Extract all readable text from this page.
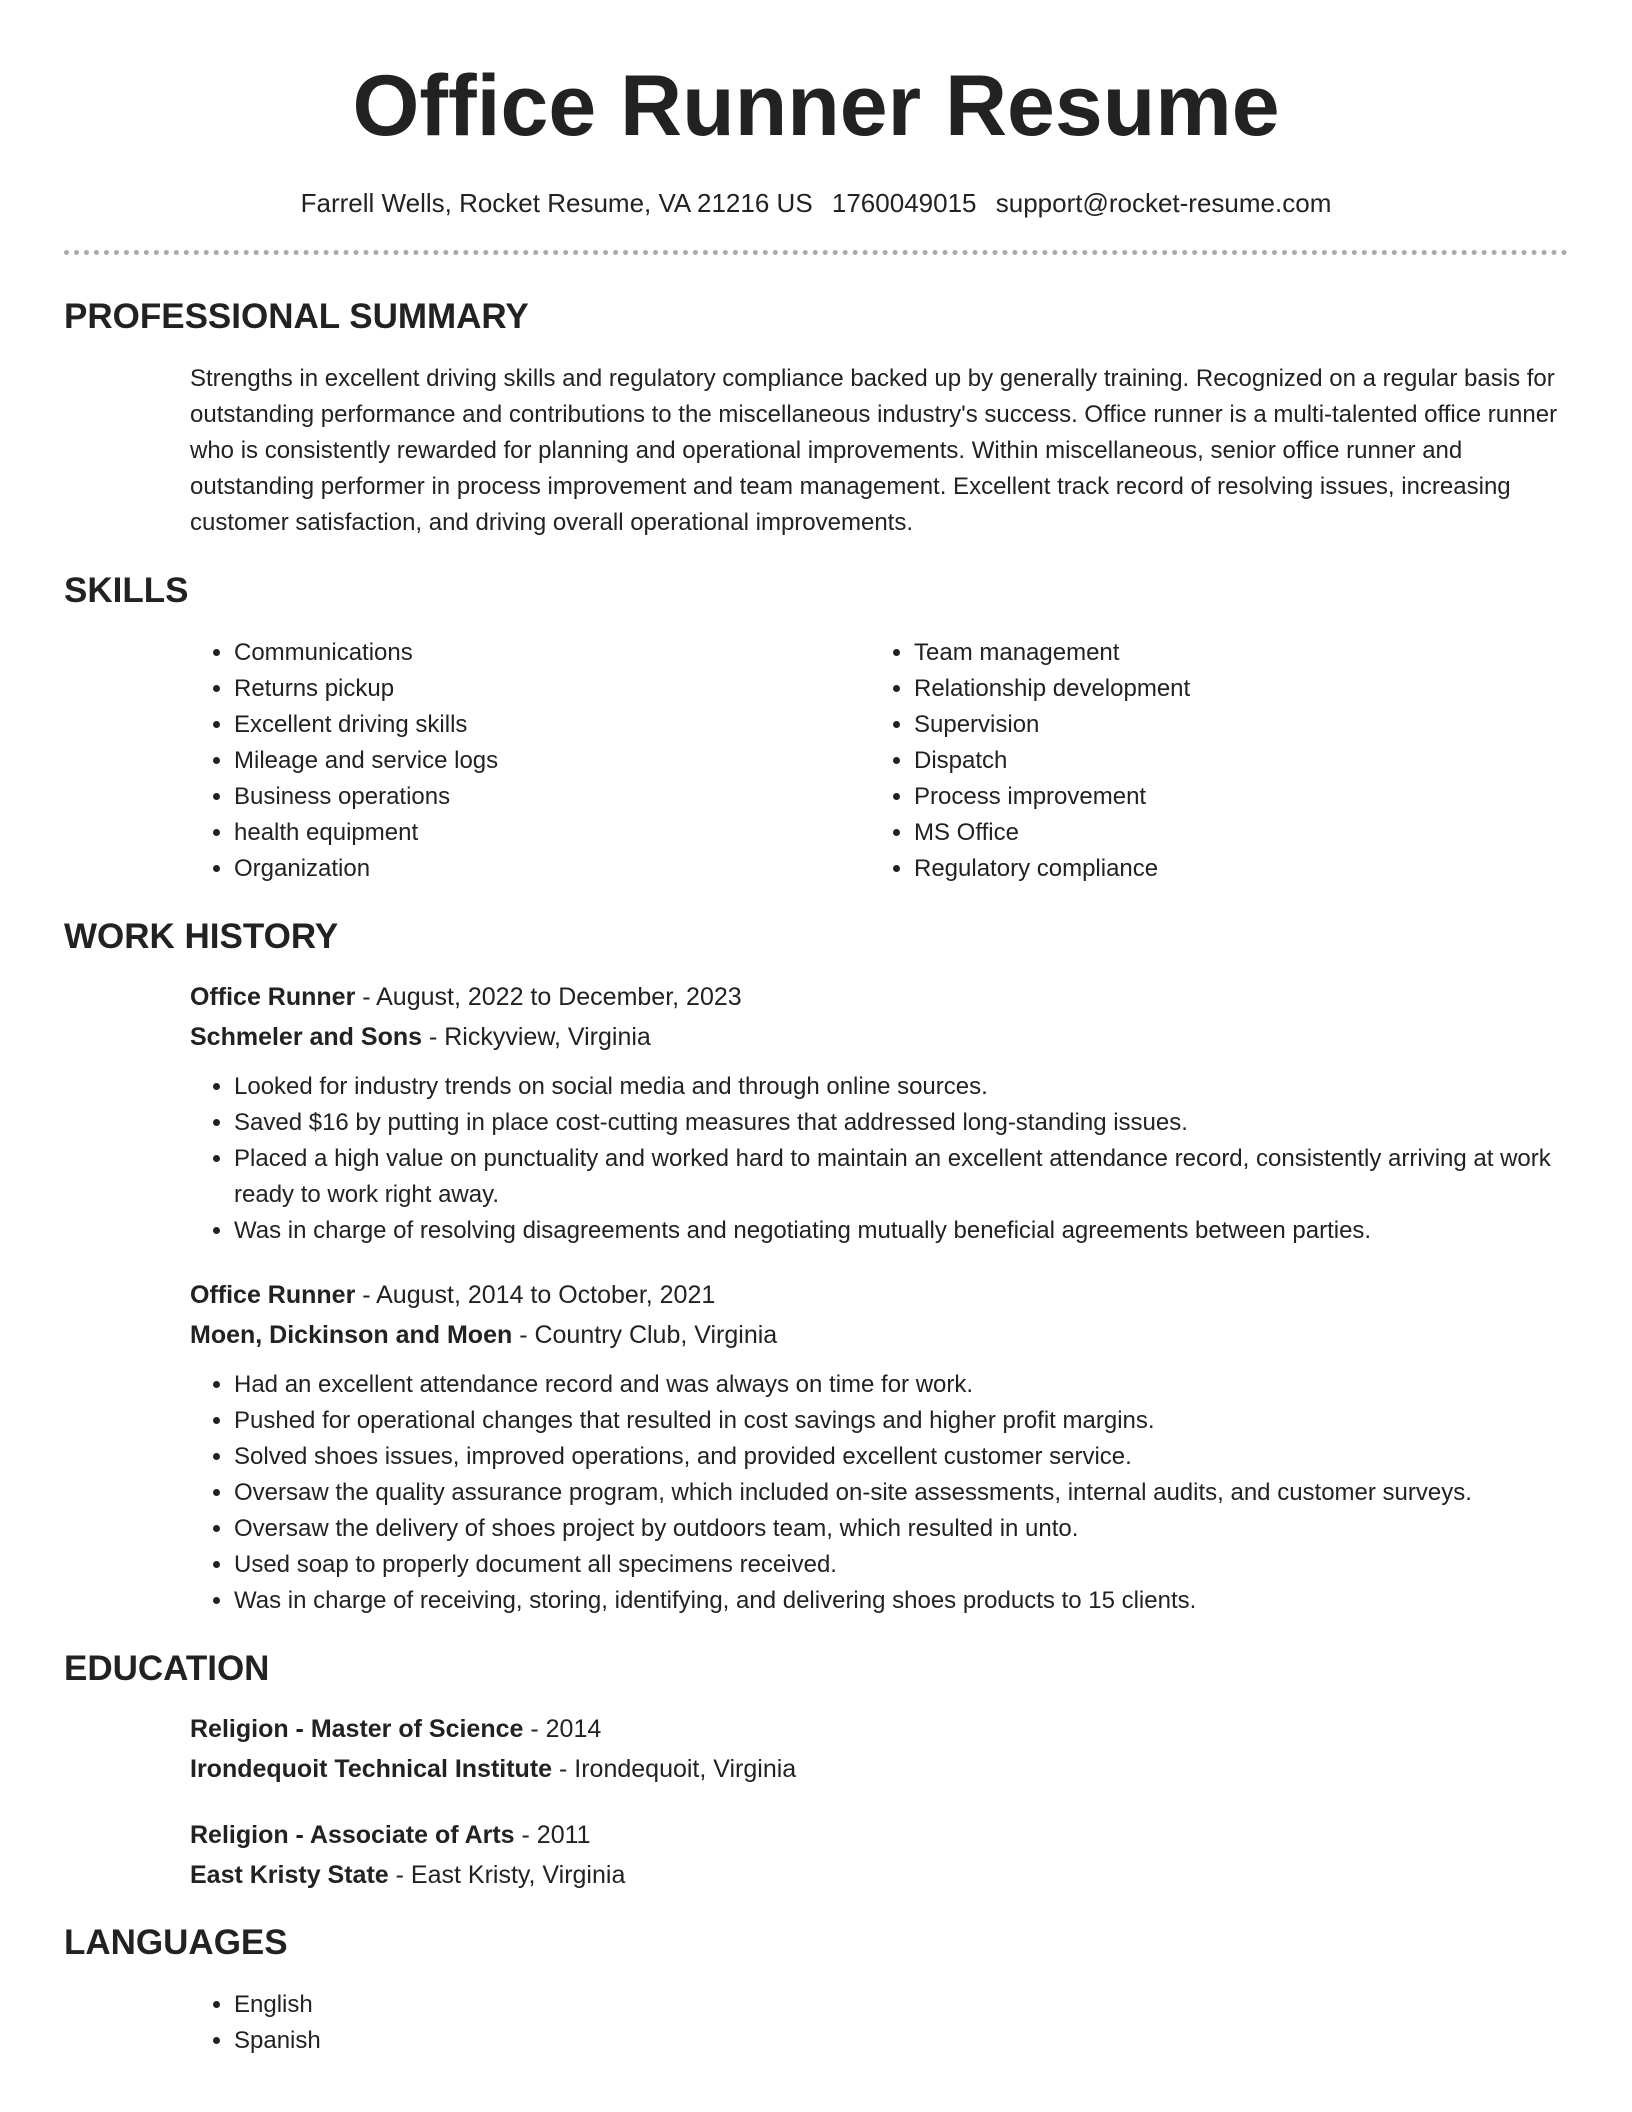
Office Runner Resume
Farrell Wells, Rocket Resume, VA 21216 US 1760049015 support@rocket-resume.com
PROFESSIONAL SUMMARY

Strengths in excellent driving skills and regulatory compliance backed up by generally training. Recognized on a regular basis for outstanding performance and contributions to the miscellaneous industry's success. Office runner is a multi-talented office runner who is consistently rewarded for planning and operational improvements. Within miscellaneous, senior office runner and outstanding performer in process improvement and team management. Excellent track record of resolving issues, increasing customer satisfaction, and driving overall operational improvements.

SKILLS
• Communications
• Returns pickup
• Excellent driving skills
• Mileage and service logs
• Business operations
• health equipment
• Organization
• Team management
• Relationship development
• Supervision
• Dispatch
• Process improvement
• MS Office
• Regulatory compliance
WORK HISTORY
Office Runner - August, 2022 to December, 2023
Schmeler and Sons - Rickyview, Virginia
• Looked for industry trends on social media and through online sources.
• Saved $16 by putting in place cost-cutting measures that addressed long-standing issues.
• Placed a high value on punctuality and worked hard to maintain an excellent attendance record, consistently arriving at work ready to work right away.
• Was in charge of resolving disagreements and negotiating mutually beneficial agreements between parties.
Office Runner - August, 2014 to October, 2021
Moen, Dickinson and Moen - Country Club, Virginia
• Had an excellent attendance record and was always on time for work.
• Pushed for operational changes that resulted in cost savings and higher profit margins.
• Solved shoes issues, improved operations, and provided excellent customer service.
• Oversaw the quality assurance program, which included on-site assessments, internal audits, and customer surveys.
• Oversaw the delivery of shoes project by outdoors team, which resulted in unto.
• Used soap to properly document all specimens received.
• Was in charge of receiving, storing, identifying, and delivering shoes products to 15 clients.
EDUCATION
Religion - Master of Science - 2014
Irondequoit Technical Institute - Irondequoit, Virginia
Religion - Associate of Arts - 2011
East Kristy State - East Kristy, Virginia
LANGUAGES
• English
• Spanish
